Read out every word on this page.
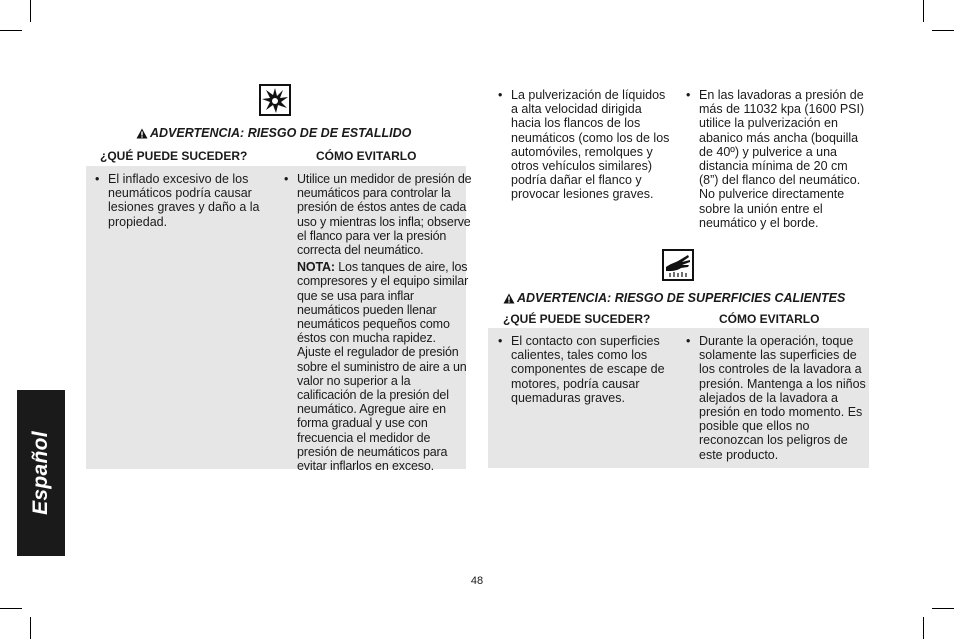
Español
ADVERTENCIA: RIESGO DE DE ESTALLIDO
¿QUÉ PUEDE SUCEDER?	CÓMO EVITARLO
• El inflado excesivo de los neumáticos podría causar lesiones graves y daño a la propiedad.

• Utilice un medidor de presión de neumáticos para controlar la presión de éstos antes de cada uso y mientras los infla; observe el flanco para ver la presión correcta del neumático.

NOTA: Los tanques de aire, los compresores y el equipo similar que se usa para inflar neumáticos pueden llenar neumáticos pequeños como éstos con mucha rapidez. Ajuste el regulador de presión sobre el suministro de aire a un valor no superior a la calificación de la presión del neumático. Agregue aire en forma gradual y use con frecuencia el medidor de presión de neumáticos para evitar inflarlos en exceso.

• La pulverización de líquidos a alta velocidad dirigida hacia los flancos de los neumáticos (como los de los automóviles, remolques y otros vehículos similares) podría dañar el flanco y provocar lesiones graves.
• En las lavadoras a presión de más de 11032 kpa (1600 PSI) utilice la pulverización en abanico más ancha (boquilla de 40º) y pulverice a una distancia mínima de 20 cm (8”) del flanco del neumático. No pulverice directamente sobre la unión entre el neumático y el borde.
ADVERTENCIA: RIESGO DE SUPERFICIES CALIENTES
¿QUÉ PUEDE SUCEDER?	CÓMO EVITARLO
• El contacto con superficies calientes, tales como los componentes de escape de motores, podría causar quemaduras graves.
• Durante la operación, toque solamente las superficies de los controles de la lavadora a presión. Mantenga a los niños alejados de la lavadora a presión en todo momento. Es posible que ellos no reconozcan los peligros de este producto.
48
